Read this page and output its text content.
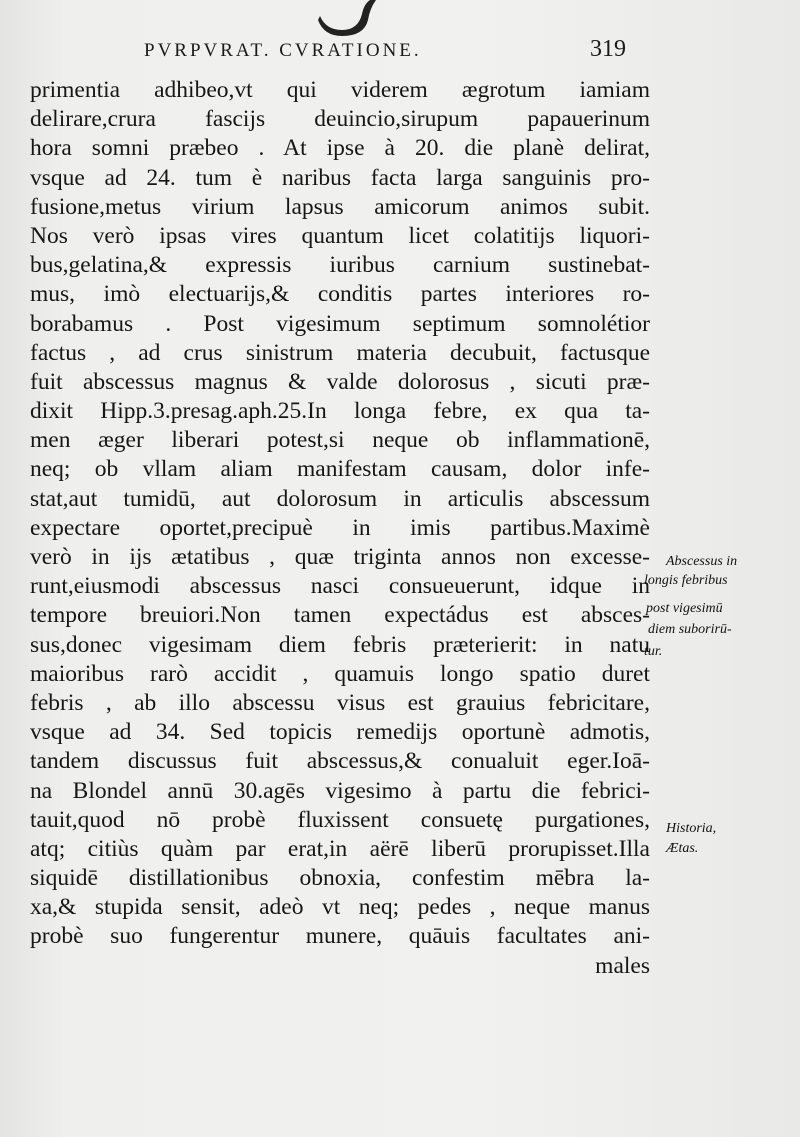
PVRPVRAT. CVRATIONE.	319
primentia adhibeo,vt qui viderem ægrotum iamiam
delirare,crura fascijs deuincio,sirupum papauerinum
hora somni præbeo . At ipse à 20. die planè delirat,
vsque ad 24. tum è naribus facta larga sanguinis pro-
fusione,metus virium lapsus amicorum animos subit.
Nos verò ipsas vires quantum licet colatitijs liquori-
bus,gelatina,& expressis iuribus carnium sustinebat-
mus, imò electuarijs,& conditis partes interiores ro-
borabamus . Post vigesimum septimum somnolétior
factus , ad crus sinistrum materia decubuit, factusque
fuit abscessus magnus & valde dolorosus , sicuti præ-
dixit Hipp.3.presag.aph.25.In longa febre, ex qua ta-
men æger liberari potest,si neque ob inflammationē,
neq; ob vllam aliam manifestam causam, dolor infe-
stat,aut tumidū, aut dolorosum in articulis abscessum
expectare oportet,precipuè in imis partibus.Maximè
verò in ijs ætatibus , quæ triginta annos non excesse-
runt,eiusmodi abscessus nasci consueuerunt, idque in
tempore breuiori.Non tamen expectádus est absces-
sus,donec vigesimam diem febris præterierit: in natu
maioribus rarò accidit , quamuis longo spatio duret
febris , ab illo abscessu visus est grauius febricitare,
vsque ad 34. Sed topicis remedijs oportunè admotis,
tandem discussus fuit abscessus,& conualuit eger.Ioā-
na Blondel annū 30.agēs vigesimo à partu die febrici-
tauit,quod nō probè fluxissent consuetę purgationes,
atq; citiùs quàm par erat,in aërē liberū prorupisset.Illa
siquidē distillationibus obnoxia, confestim mēbra la-
xa,& stupida sensit, adeò vt neq; pedes , neque manus
probè suo fungerentur munere, quāuis facultates ani-
males
Abscessus in
longis febribus
post vigesimū
diem suborirū-
tur.
Historia,
Ætas.
